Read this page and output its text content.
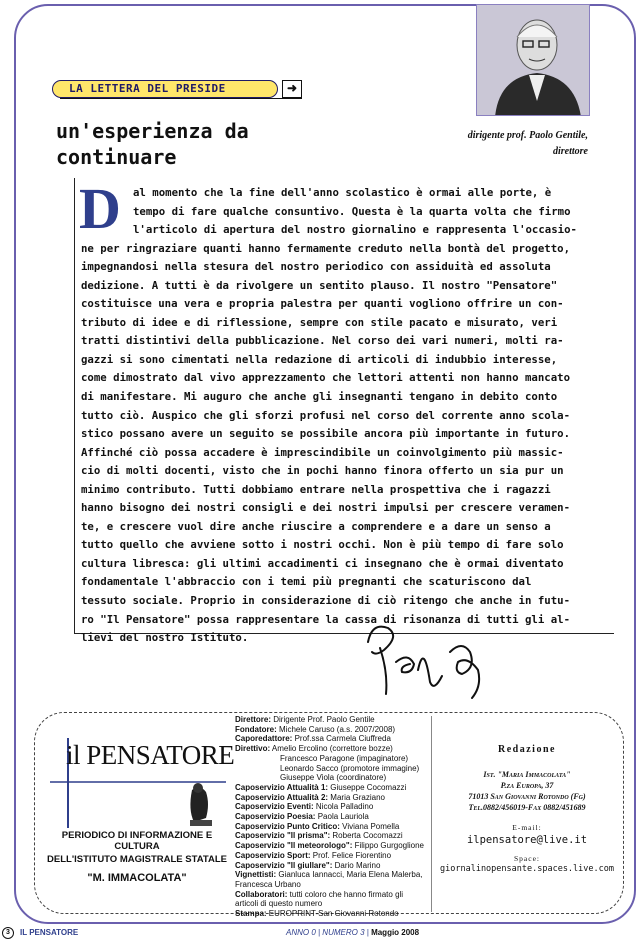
dirigente prof. Paolo Gentile,
direttore
LA LETTERA DEL PRESIDE	➜
un'esperienza da
continuare
D	al momento che la fine dell'anno scolastico è ormai alle porte, è
tempo di fare qualche consuntivo. Questa è la quarta volta che firmo
l'articolo di apertura del nostro giornalino e rappresenta l'occasio-
ne per ringraziare quanti hanno fermamente creduto nella bontà del progetto,
impegnandosi nella stesura del nostro periodico con assiduità ed assoluta
dedizione. A tutti è da rivolgere un sentito plauso. Il nostro "Pensatore"
costituisce una vera e propria palestra per quanti vogliono offrire un con-
tributo di idee e di riflessione, sempre con stile pacato e misurato, veri
tratti distintivi della pubblicazione. Nel corso dei vari numeri, molti ra-
gazzi si sono cimentati nella redazione di articoli di indubbio interesse,
come dimostrato dal vivo apprezzamento che lettori attenti non hanno mancato
di manifestare. Mi auguro che anche gli insegnanti tengano in debito conto
tutto ciò. Auspico che gli sforzi profusi nel corso del corrente anno scola-
stico possano avere un seguito se possibile ancora più importante in futuro.
Affinché ciò possa accadere è imprescindibile un coinvolgimento più massic-
cio di molti docenti, visto che in pochi hanno finora offerto un sia pur un
minimo contributo. Tutti dobbiamo entrare nella prospettiva che i ragazzi
hanno bisogno dei nostri consigli e dei nostri impulsi per crescere veramen-
te, e crescere vuol dire anche riuscire a comprendere e a dare un senso a
tutto quello che avviene sotto i nostri occhi. Non è più tempo di fare solo
cultura libresca: gli ultimi accadimenti ci insegnano che è ormai diventato
fondamentale l'abbraccio con i temi più pregnanti che scaturiscono dal
tessuto sociale. Proprio in considerazione di ciò ritengo che anche in futu-
ro "Il Pensatore" possa rappresentare la cassa di risonanza di tutti gli al-
lievi del nostro Istituto.
il PENSATORE
PERIODICO DI INFORMAZIONE E CULTURA
DELL'ISTITUTO MAGISTRALE STATALE
"M. IMMACOLATA"
Direttore: Dirigente Prof. Paolo Gentile
Fondatore: Michele Caruso (a.s. 2007/2008)
Caporedattore: Prof.ssa Carmela Ciuffreda
Direttivo: Amelio Ercolino (correttore bozze)
Francesco Paragone (impaginatore)
Leonardo Sacco (promotore immagine)
Giuseppe Viola (coordinatore)
Caposervizio Attualità 1: Giuseppe Cocomazzi
Caposervizio Attualità 2: Maria Graziano
Caposervizio Eventi: Nicola Palladino
Caposervizio Poesia: Paola Lauriola
Caposervizio Punto Critico: Viviana Pomella
Caposervizio "Il prisma": Roberta Cocomazzi
Caposervizio "Il meteorologo": Filippo Gurgoglione
Caposervizio Sport: Prof. Felice Fiorentino
Caposervizio "Il giullare": Dario Marino
Vignettisti: Gianluca Iannacci, Maria Elena Malerba,
Francesca Urbano
Collaboratori: tutti coloro che hanno firmato gli
articoli di questo numero
Stampa: EUROPRINT-San Giovanni Rotondo
Redazione
Ist. "Maria Immacolata"
P.za Europa, 37
71013 San Giovanni Rotondo (Fg)
Tel.0882/456019-Fax 0882/451689
E-mail:
ilpensatore@live.it
Space:
giornalinopensante.spaces.live.com
3	IL PENSATORE	ANNO 0 | NUMERO 3 | Maggio 2008
